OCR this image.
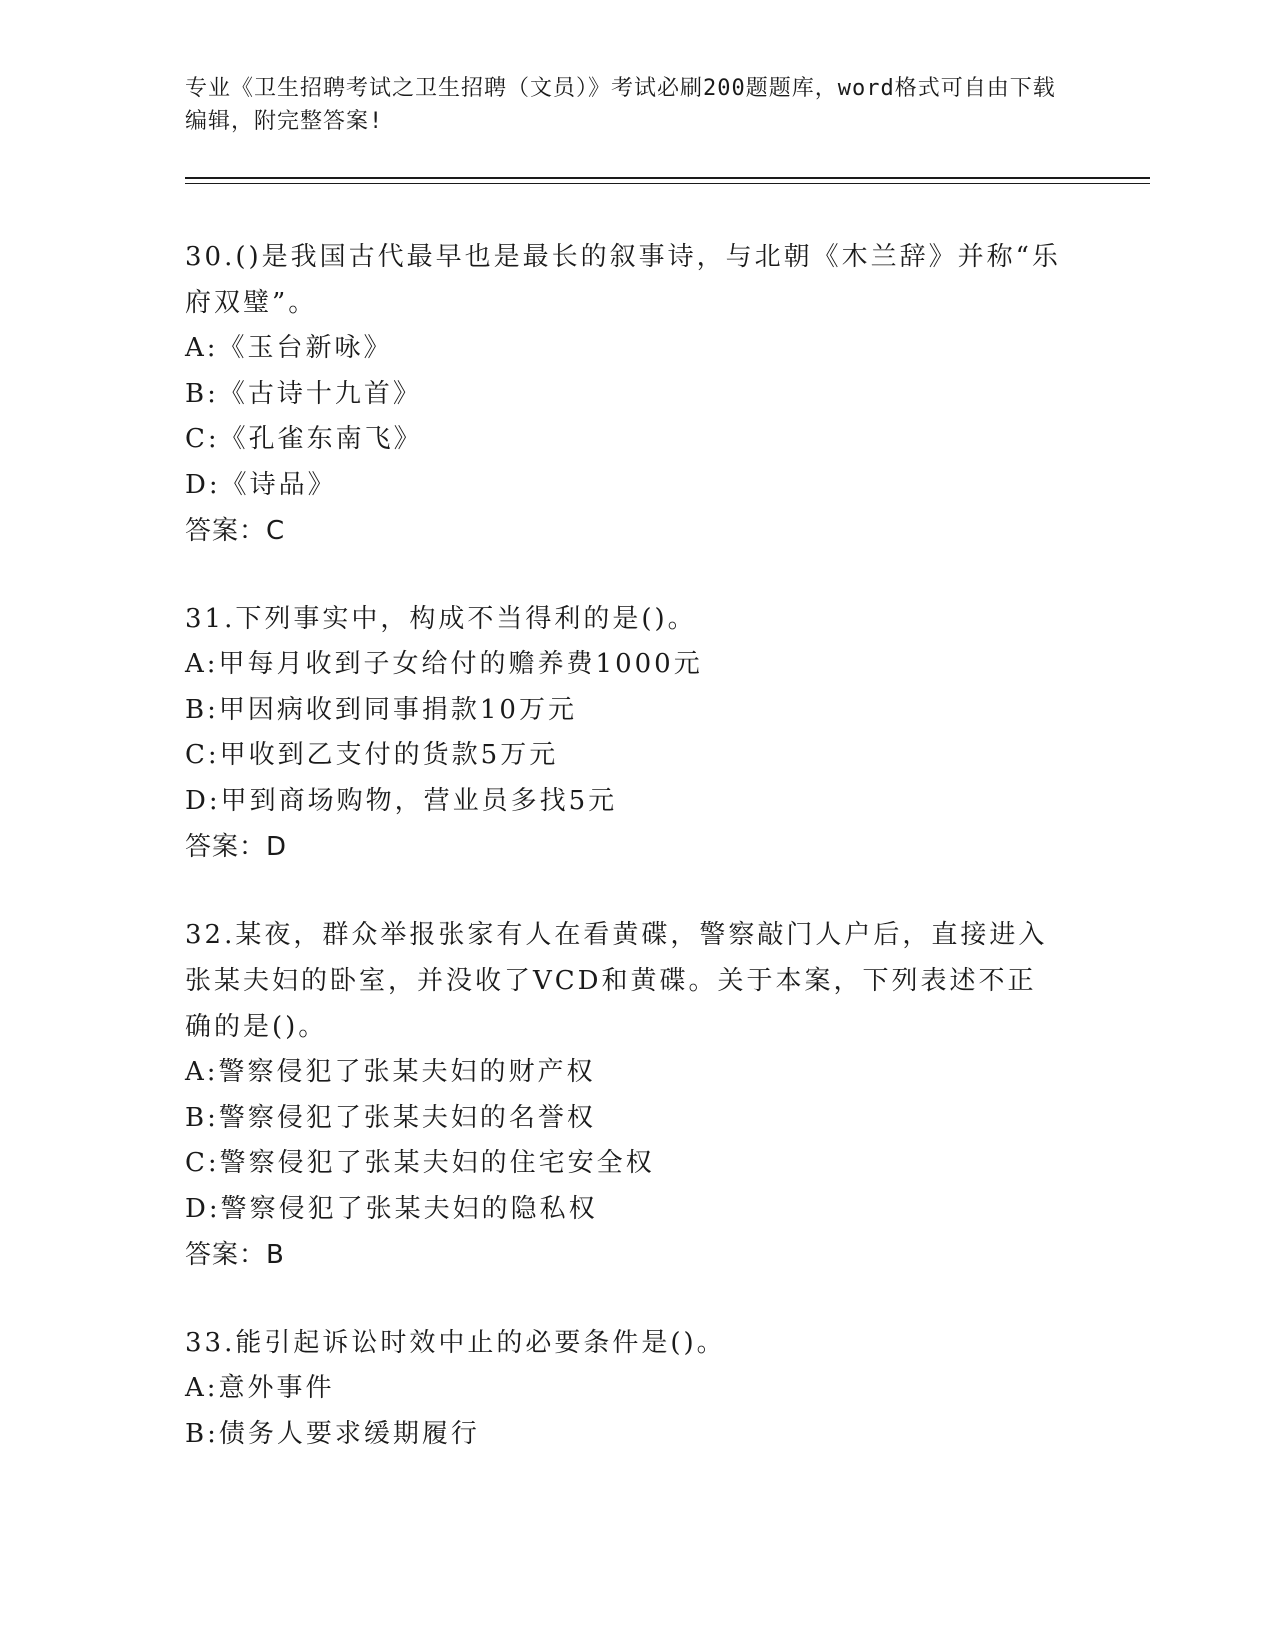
专业《卫生招聘考试之卫生招聘（文员）》考试必刷200题题库，word格式可自由下载编辑，附完整答案!

30.()是我国古代最早也是最长的叙事诗，与北朝《木兰辞》并称“乐府双璧”。

A:《玉台新咏》

B:《古诗十九首》

C:《孔雀东南飞》

D:《诗品》

答案：C

31.下列事实中，构成不当得利的是()。

A:甲每月收到子女给付的赡养费1000元

B:甲因病收到同事捐款10万元

C:甲收到乙支付的货款5万元

D:甲到商场购物，营业员多找5元

答案：D

32.某夜，群众举报张家有人在看黄碟，警察敲门人户后，直接进入张某夫妇的卧室，并没收了VCD和黄碟。关于本案，下列表述不正确的是()。

A:警察侵犯了张某夫妇的财产权

B:警察侵犯了张某夫妇的名誉权

C:警察侵犯了张某夫妇的住宅安全权

D:警察侵犯了张某夫妇的隐私权

答案：B

33.能引起诉讼时效中止的必要条件是()。

A:意外事件

B:债务人要求缓期履行
